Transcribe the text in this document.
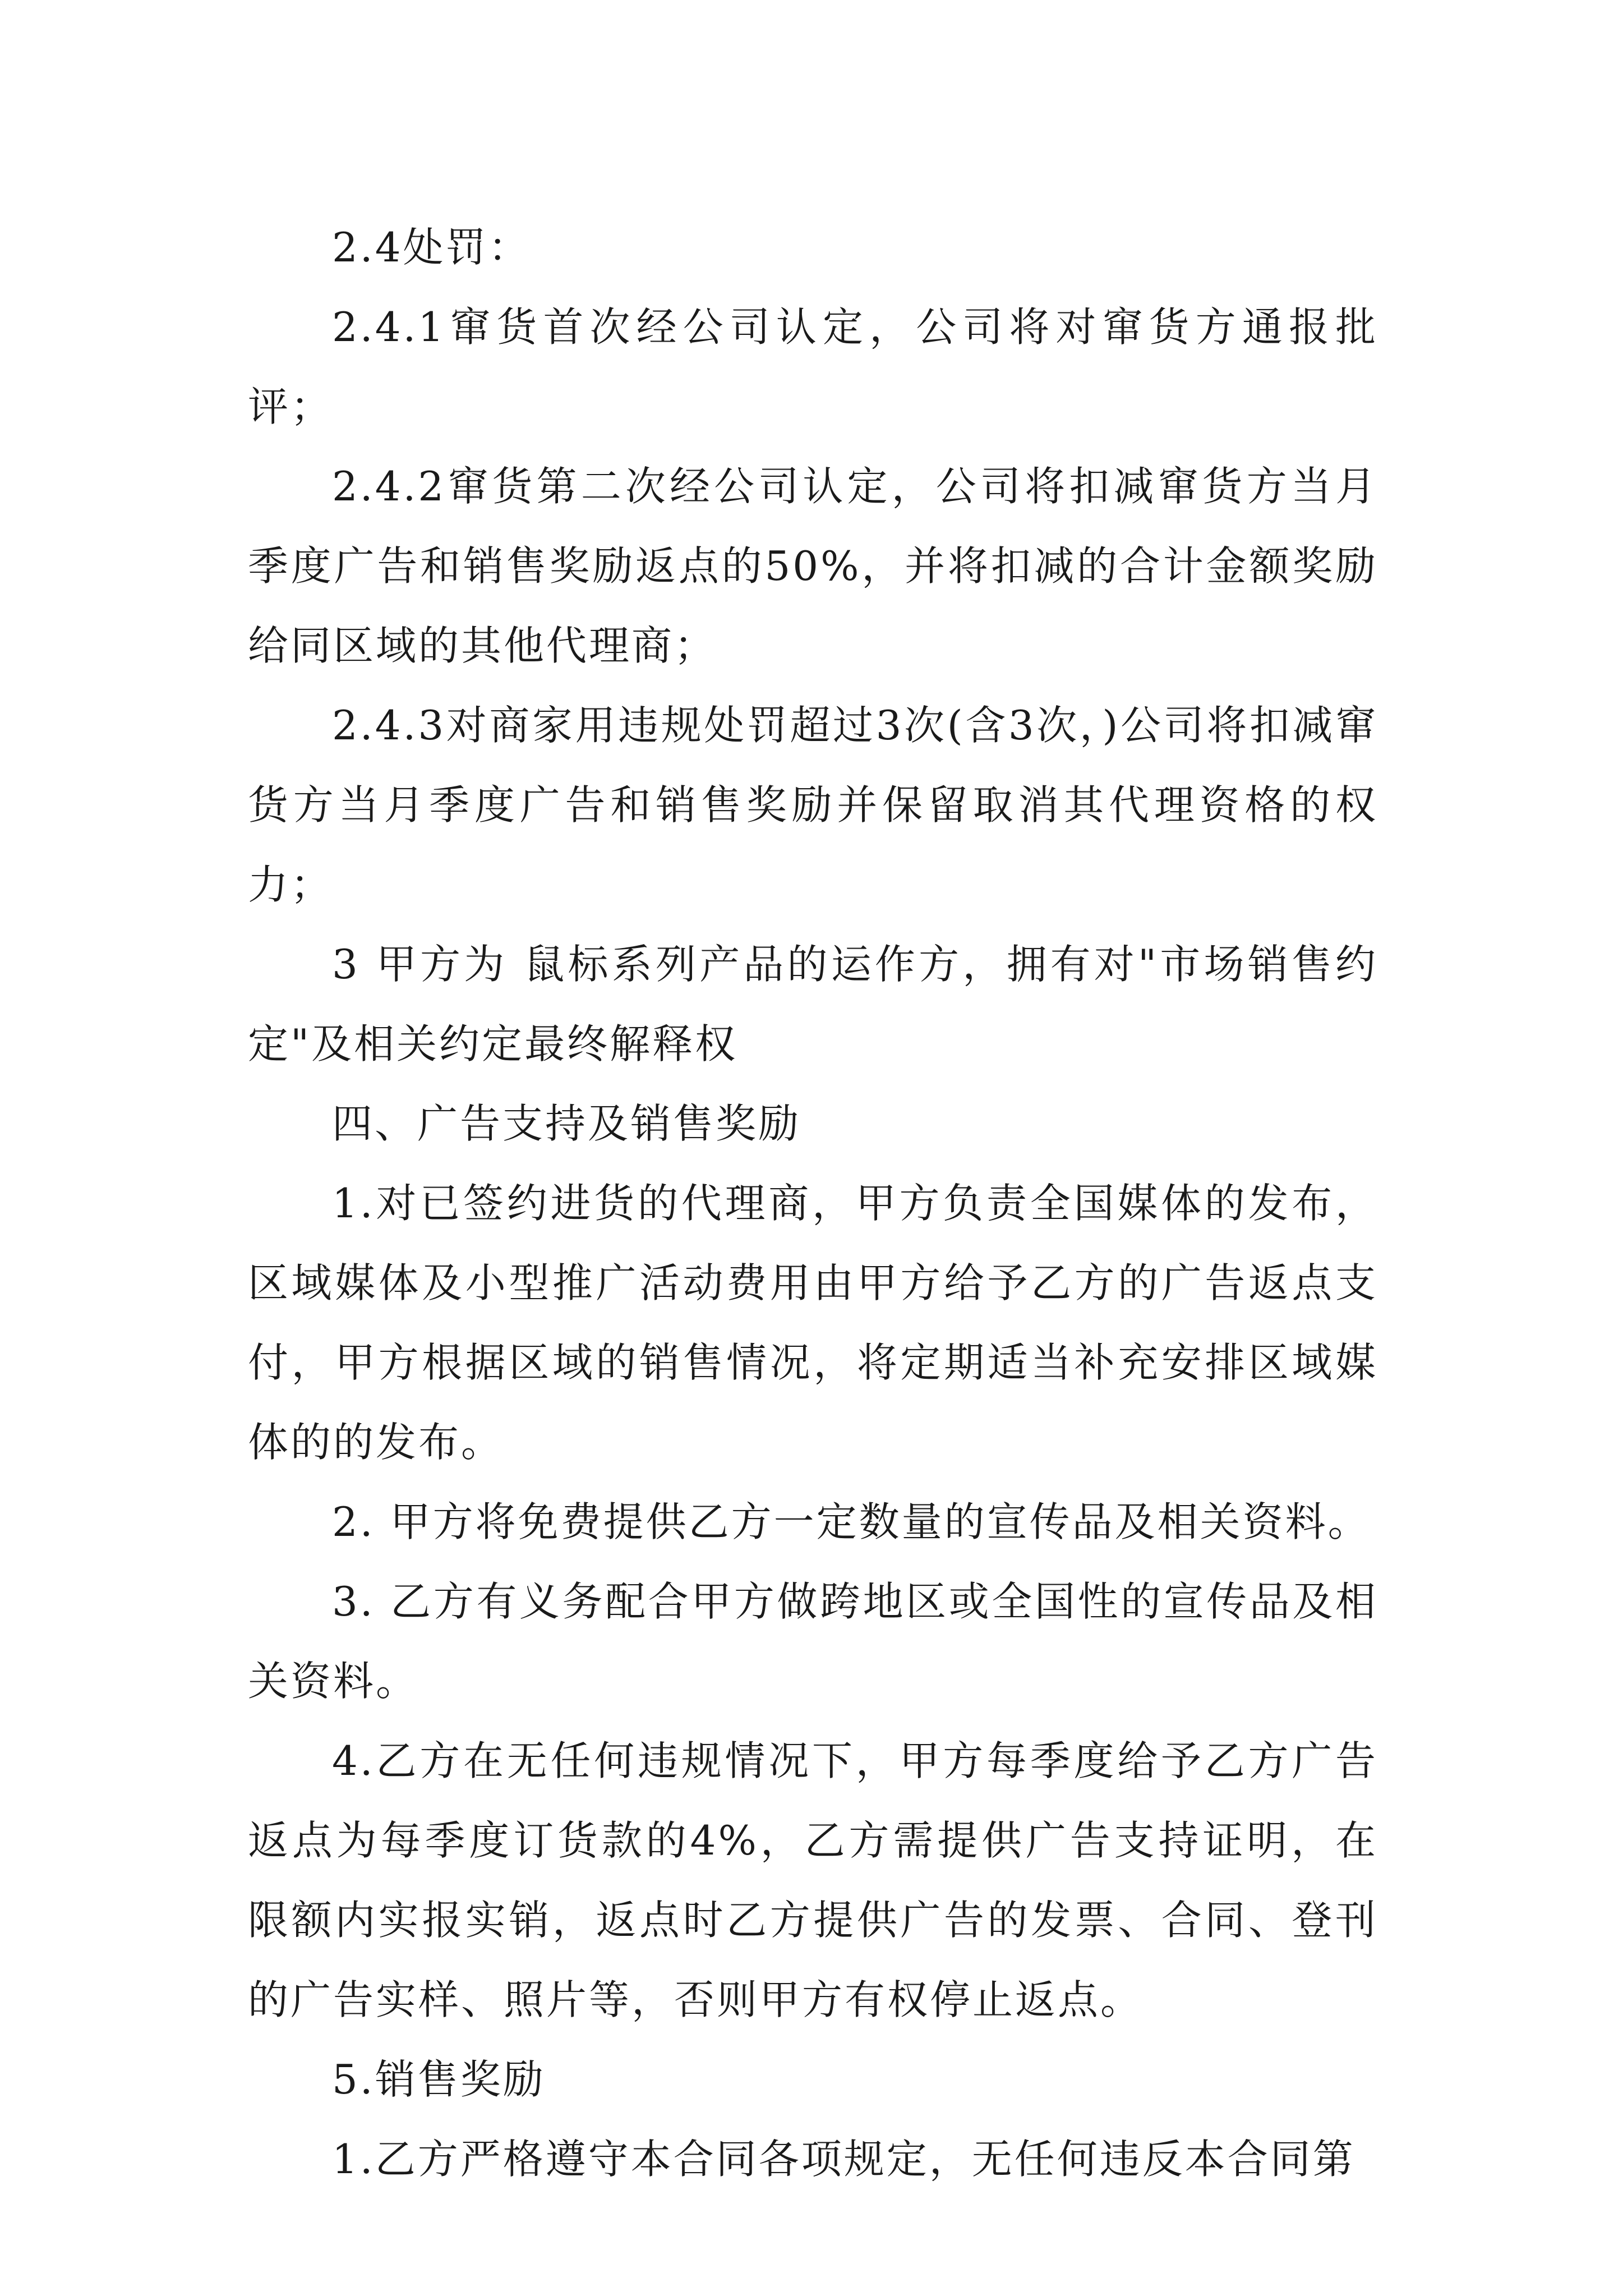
2.4处罚：

2.4.1窜货首次经公司认定，公司将对窜货方通报批评；

2.4.2窜货第二次经公司认定，公司将扣减窜货方当月季度广告和销售奖励返点的50%，并将扣减的合计金额奖励给同区域的其他代理商；

2.4.3对商家用违规处罚超过3次(含3次，)公司将扣减窜货方当月季度广告和销售奖励并保留取消其代理资格的权力；

3 甲方为 鼠标系列产品的运作方，拥有对"市场销售约定"及相关约定最终解释权

四、广告支持及销售奖励

1.对已签约进货的代理商，甲方负责全国媒体的发布，区域媒体及小型推广活动费用由甲方给予乙方的广告返点支付，甲方根据区域的销售情况，将定期适当补充安排区域媒体的的发布。

2. 甲方将免费提供乙方一定数量的宣传品及相关资料。

3. 乙方有义务配合甲方做跨地区或全国性的宣传品及相关资料。

4.乙方在无任何违规情况下，甲方每季度给予乙方广告返点为每季度订货款的4%，乙方需提供广告支持证明，在限额内实报实销，返点时乙方提供广告的发票、合同、登刊的广告实样、照片等，否则甲方有权停止返点。

5.销售奖励

1.乙方严格遵守本合同各项规定，无任何违反本合同第
